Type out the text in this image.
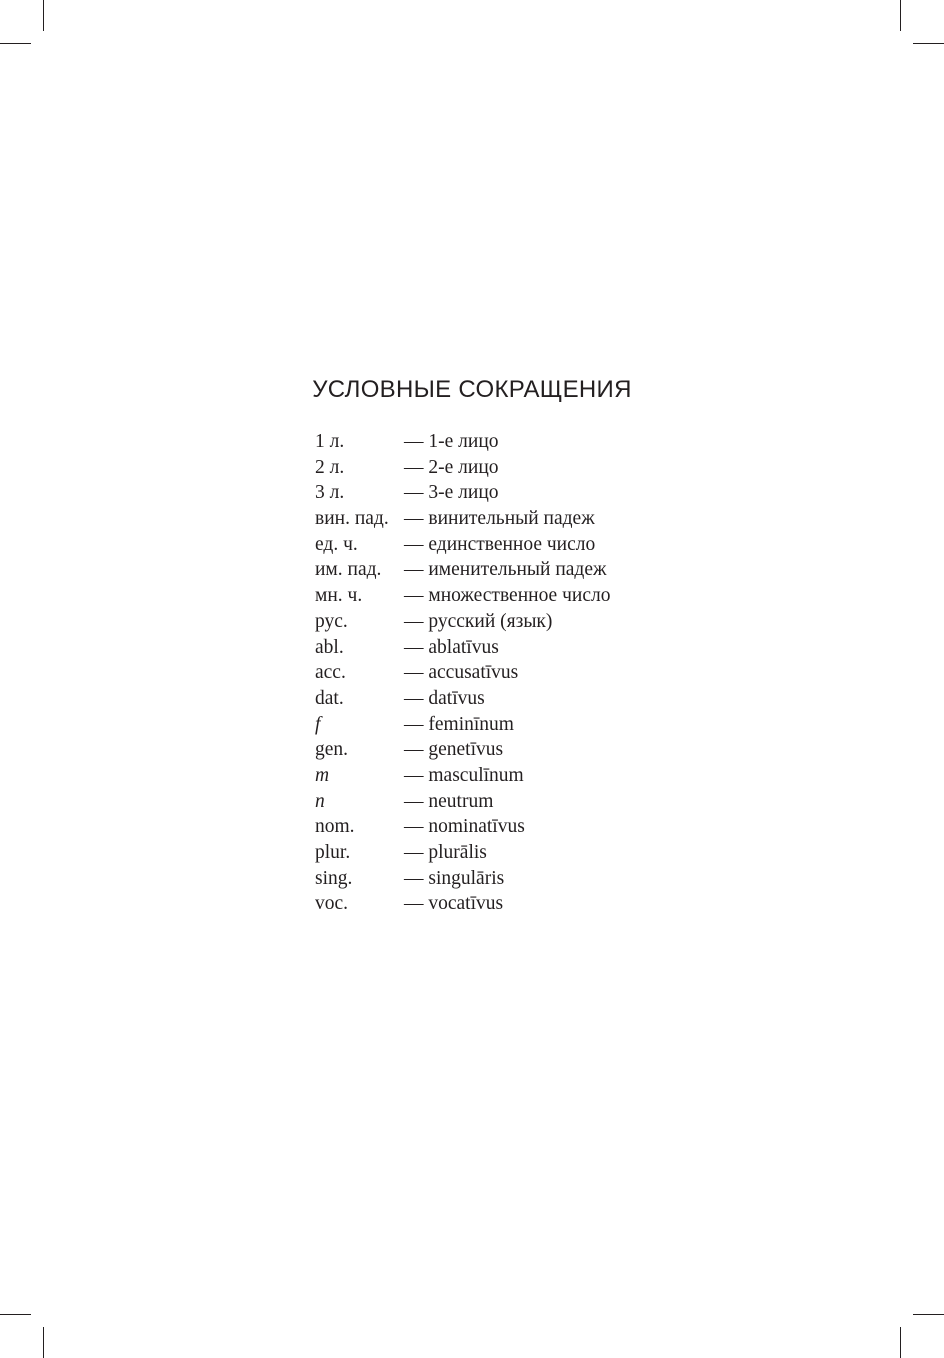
УСЛОВНЫЕ СОКРАЩЕНИЯ
1 л.	— 1-е лицо
2 л.	— 2-е лицо
3 л.	— 3-е лицо
вин. пад. — винительный падеж
ед. ч.	— единственное число
им. пад.	— именительный падеж
мн. ч.	— множественное число
рус.	— русский (язык)
abl.	— ablatīvus
acc.	— accusatīvus
dat.	— datīvus
f	— feminīnum
gen.	— genetīvus
m	— masculīnum
n	— neutrum
nom.	— nominatīvus
plur.	— plurālis
sing.	— singulāris
voc.	— vocatīvus
